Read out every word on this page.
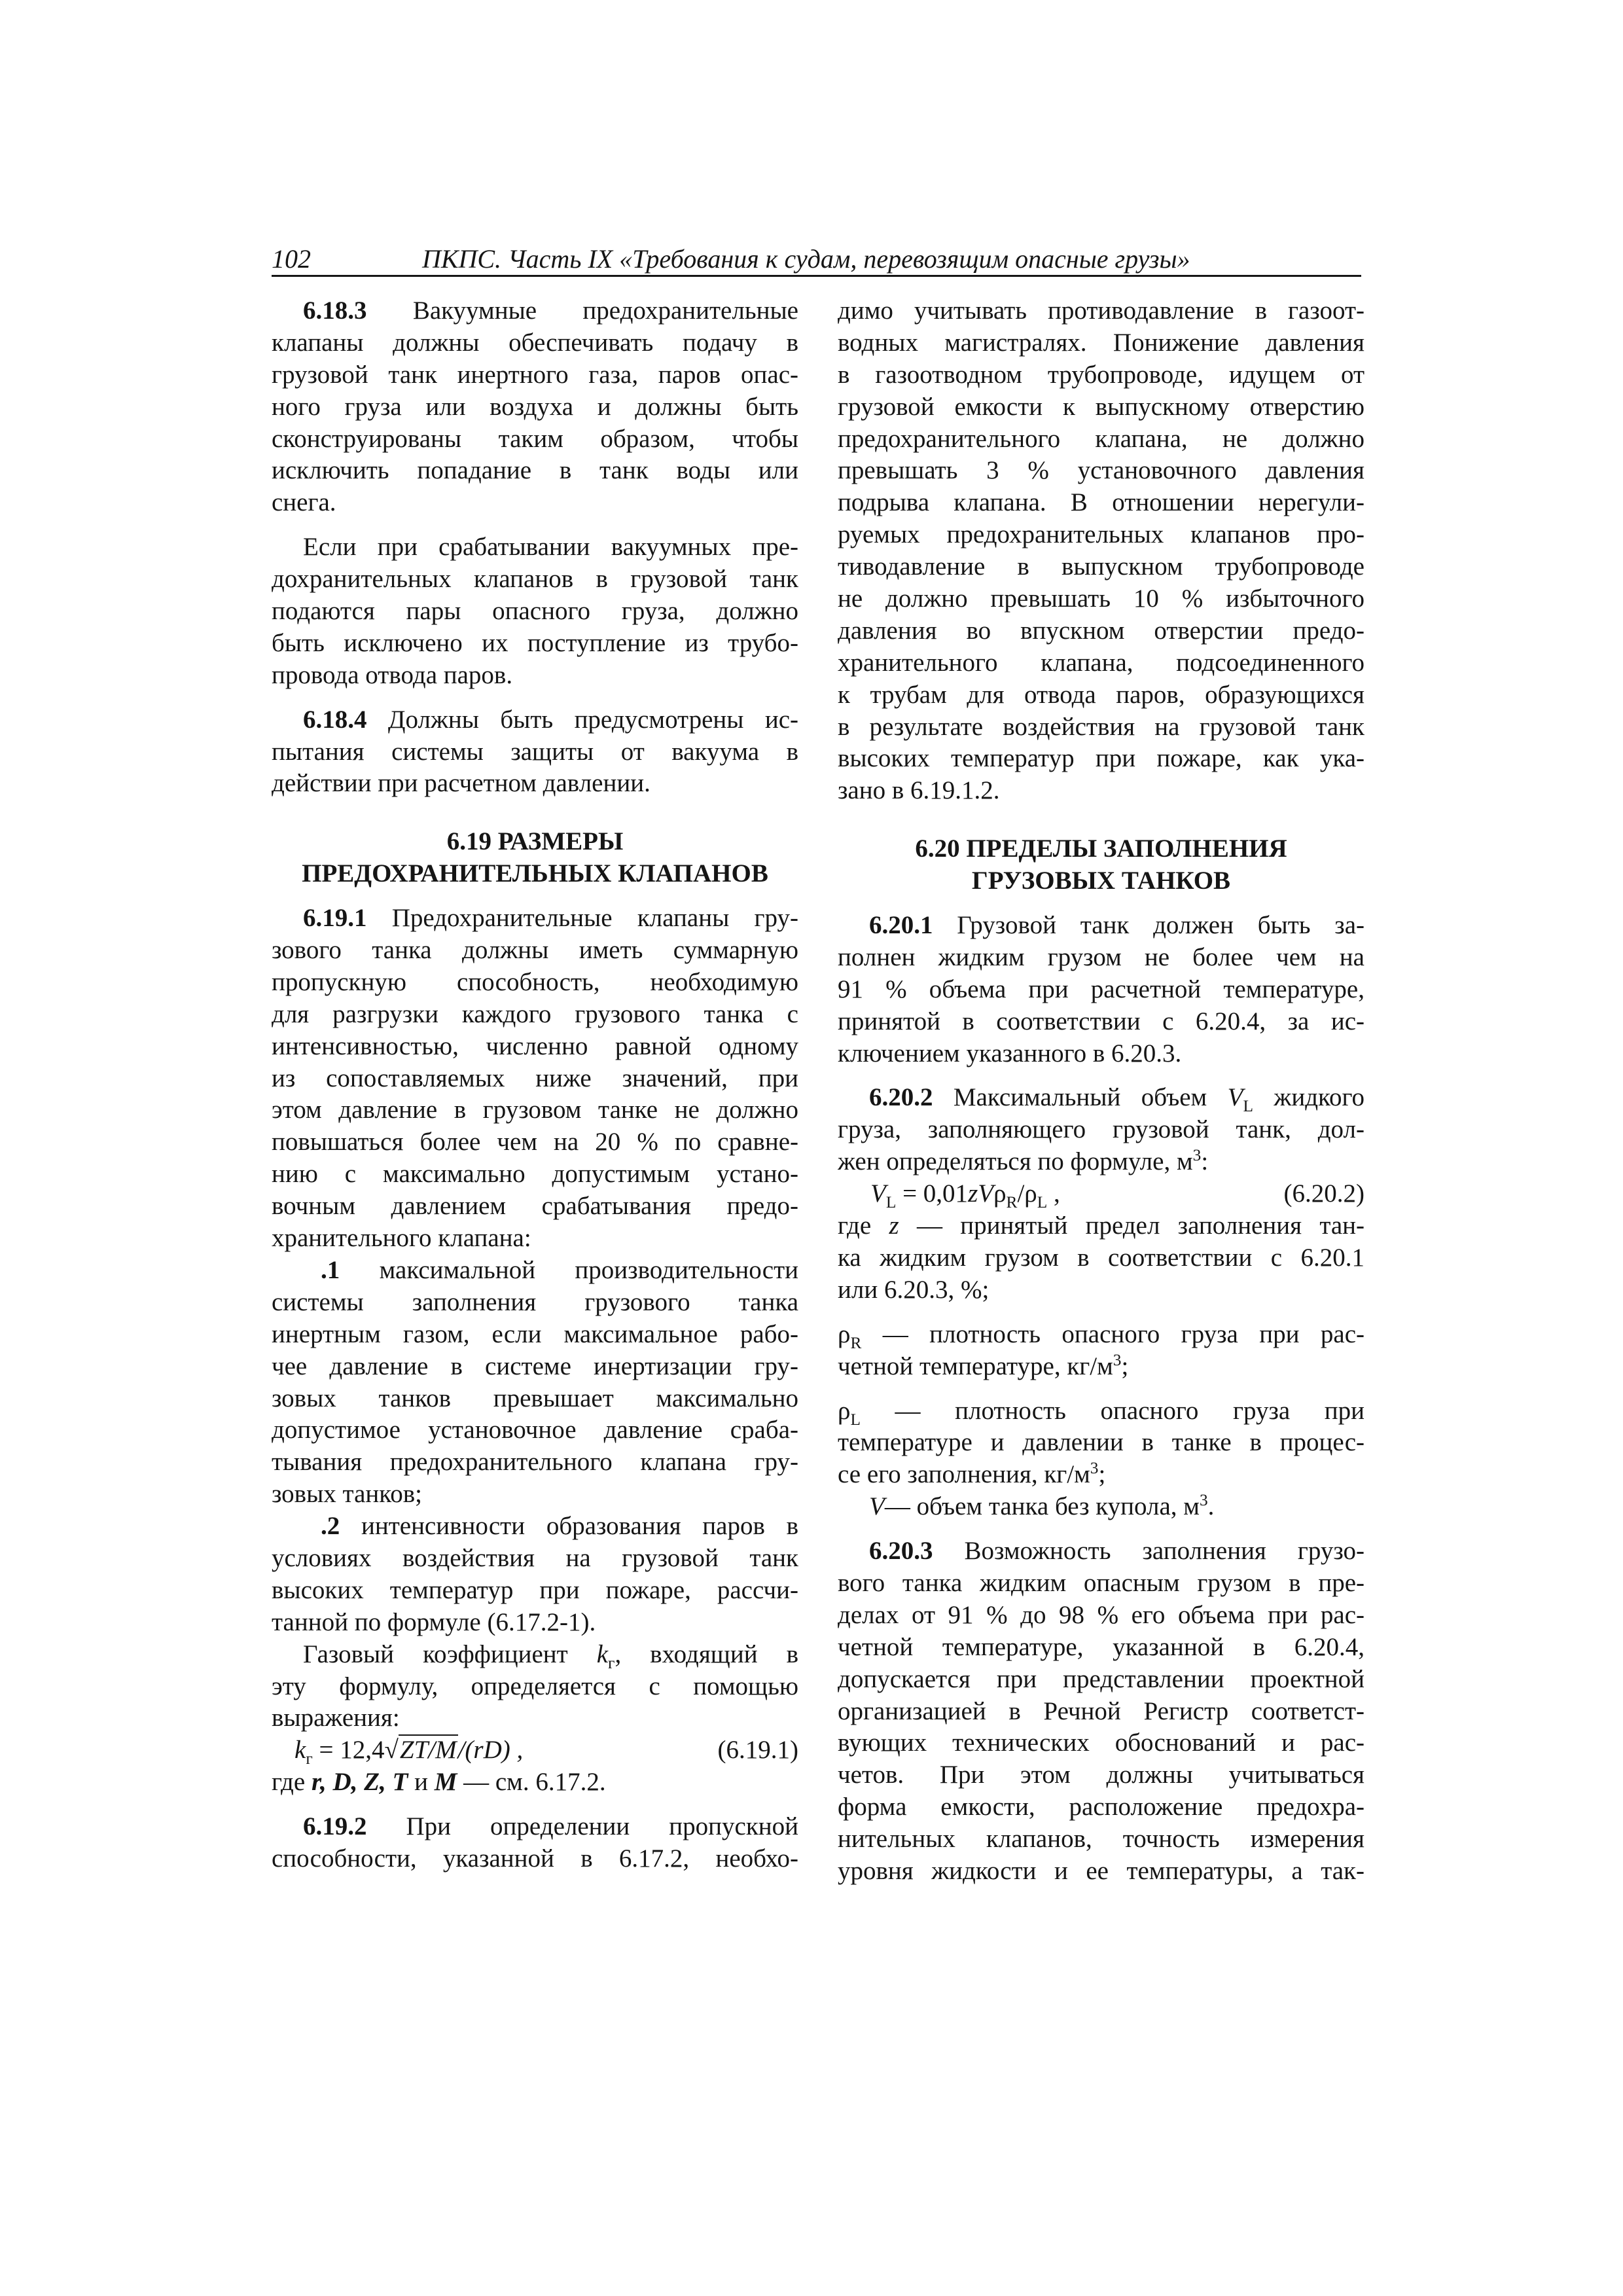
102	ПКПС. Часть IX «Требования к судам, перевозящим опасные грузы»
6.18.3 Вакуумные предохранительные
клапаны должны обеспечивать подачу в
грузовой танк инертного газа, паров опас-
ного груза или воздуха и должны быть
сконструированы таким образом, чтобы
исключить попадание в танк воды или
снега.
Если при срабатывании вакуумных пре-
дохранительных клапанов в грузовой танк
подаются пары опасного груза, должно
быть исключено их поступление из трубо-
провода отвода паров.
6.18.4 Должны быть предусмотрены ис-
пытания системы защиты от вакуума в
действии при расчетном давлении.
6.19 РАЗМЕРЫ
ПРЕДОХРАНИТЕЛЬНЫХ КЛАПАНОВ
6.19.1 Предохранительные клапаны гру-
зового танка должны иметь суммарную
пропускную способность, необходимую
для разгрузки каждого грузового танка с
интенсивностью, численно равной одному
из сопоставляемых ниже значений, при
этом давление в грузовом танке не должно
повышаться более чем на 20 % по сравне-
нию с максимально допустимым устано-
вочным давлением срабатывания предо-
хранительного клапана:
.1 максимальной производительности
системы заполнения грузового танка
инертным газом, если максимальное рабо-
чее давление в системе инертизации гру-
зовых танков превышает максимально
допустимое установочное давление сраба-
тывания предохранительного клапана гру-
зовых танков;
.2 интенсивности образования паров в
условиях воздействия на грузовой танк
высоких температур при пожаре, рассчи-
танной по формуле (6.17.2-1).
Газовый коэффициент $k_г$, входящий в
эту формулу, определяется с помощью
выражения:
$k_г = 12,4√ZT/M/(rD)$ ,	(6.19.1)
где r, D, Z, T и M — см. 6.17.2.
6.19.2 При определении пропускной
способности, указанной в 6.17.2, необхо-
димо учитывать противодавление в газоот-
водных магистралях. Понижение давления
в газоотводном трубопроводе, идущем от
грузовой емкости к выпускному отверстию
предохранительного клапана, не должно
превышать 3 % установочного давления
подрыва клапана. В отношении нерегули-
руемых предохранительных клапанов про-
тиводавление в выпускном трубопроводе
не должно превышать 10 % избыточного
давления во впускном отверстии предо-
хранительного клапана, подсоединенного
к трубам для отвода паров, образующихся
в результате воздействия на грузовой танк
высоких температур при пожаре, как ука-
зано в 6.19.1.2.
6.20 ПРЕДЕЛЫ ЗАПОЛНЕНИЯ
ГРУЗОВЫХ ТАНКОВ
6.20.1 Грузовой танк должен быть за-
полнен жидким грузом не более чем на
91 % объема при расчетной температуре,
принятой в соответствии с 6.20.4, за ис-
ключением указанного в 6.20.3.
6.20.2 Максимальный объем $V_L$ жидкого
груза, заполняющего грузовой танк, дол-
жен определяться по формуле, $м^3$:
$V_L = 0,01zV\rho_R/\rho_L$ ,	(6.20.2)
где z — принятый предел заполнения тан-
ка жидким грузом в соответствии с 6.20.1
или 6.20.3, %;
$\rho_R$ — плотность опасного груза при рас-
четной температуре, $кг/м^3$;
$\rho_L$ — плотность опасного груза при
температуре и давлении в танке в процес-
се его заполнения, $кг/м^3$;
V— объем танка без купола, $м^3$.
6.20.3 Возможность заполнения грузо-
вого танка жидким опасным грузом в пре-
делах от 91 % до 98 % его объема при рас-
четной температуре, указанной в 6.20.4,
допускается при представлении проектной
организацией в Речной Регистр соответст-
вующих технических обоснований и рас-
четов. При этом должны учитываться
форма емкости, расположение предохра-
нительных клапанов, точность измерения
уровня жидкости и ее температуры, а так-
